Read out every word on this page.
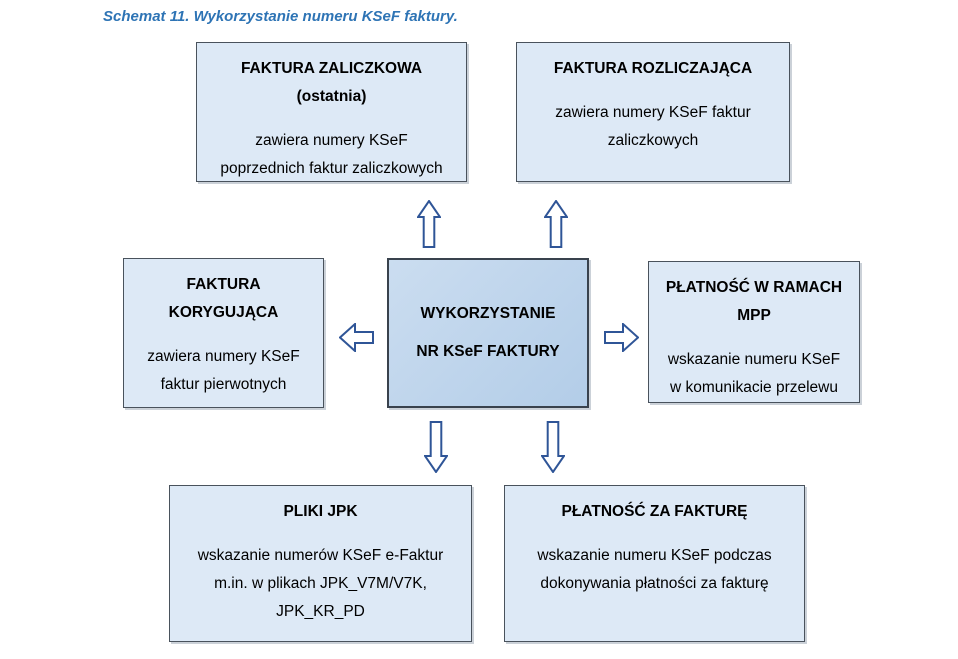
Schemat 11. Wykorzystanie numeru KSeF faktury.
FAKTURA ZALICZKOWA
(ostatnia)
zawiera numery KSeF
poprzednich faktur zaliczkowych
FAKTURA ROZLICZAJĄCA
zawiera numery KSeF faktur
zaliczkowych
FAKTURA
KORYGUJĄCA
zawiera numery KSeF
faktur pierwotnych
WYKORZYSTANIE
NR KSeF FAKTURY
PŁATNOŚĆ W RAMACH
MPP
wskazanie numeru KSeF
w komunikacie przelewu
PLIKI JPK
wskazanie numerów KSeF e-Faktur
m.in. w plikach JPK_V7M/V7K,
JPK_KR_PD
PŁATNOŚĆ ZA FAKTURĘ
wskazanie numeru KSeF podczas
dokonywania płatności za fakturę
